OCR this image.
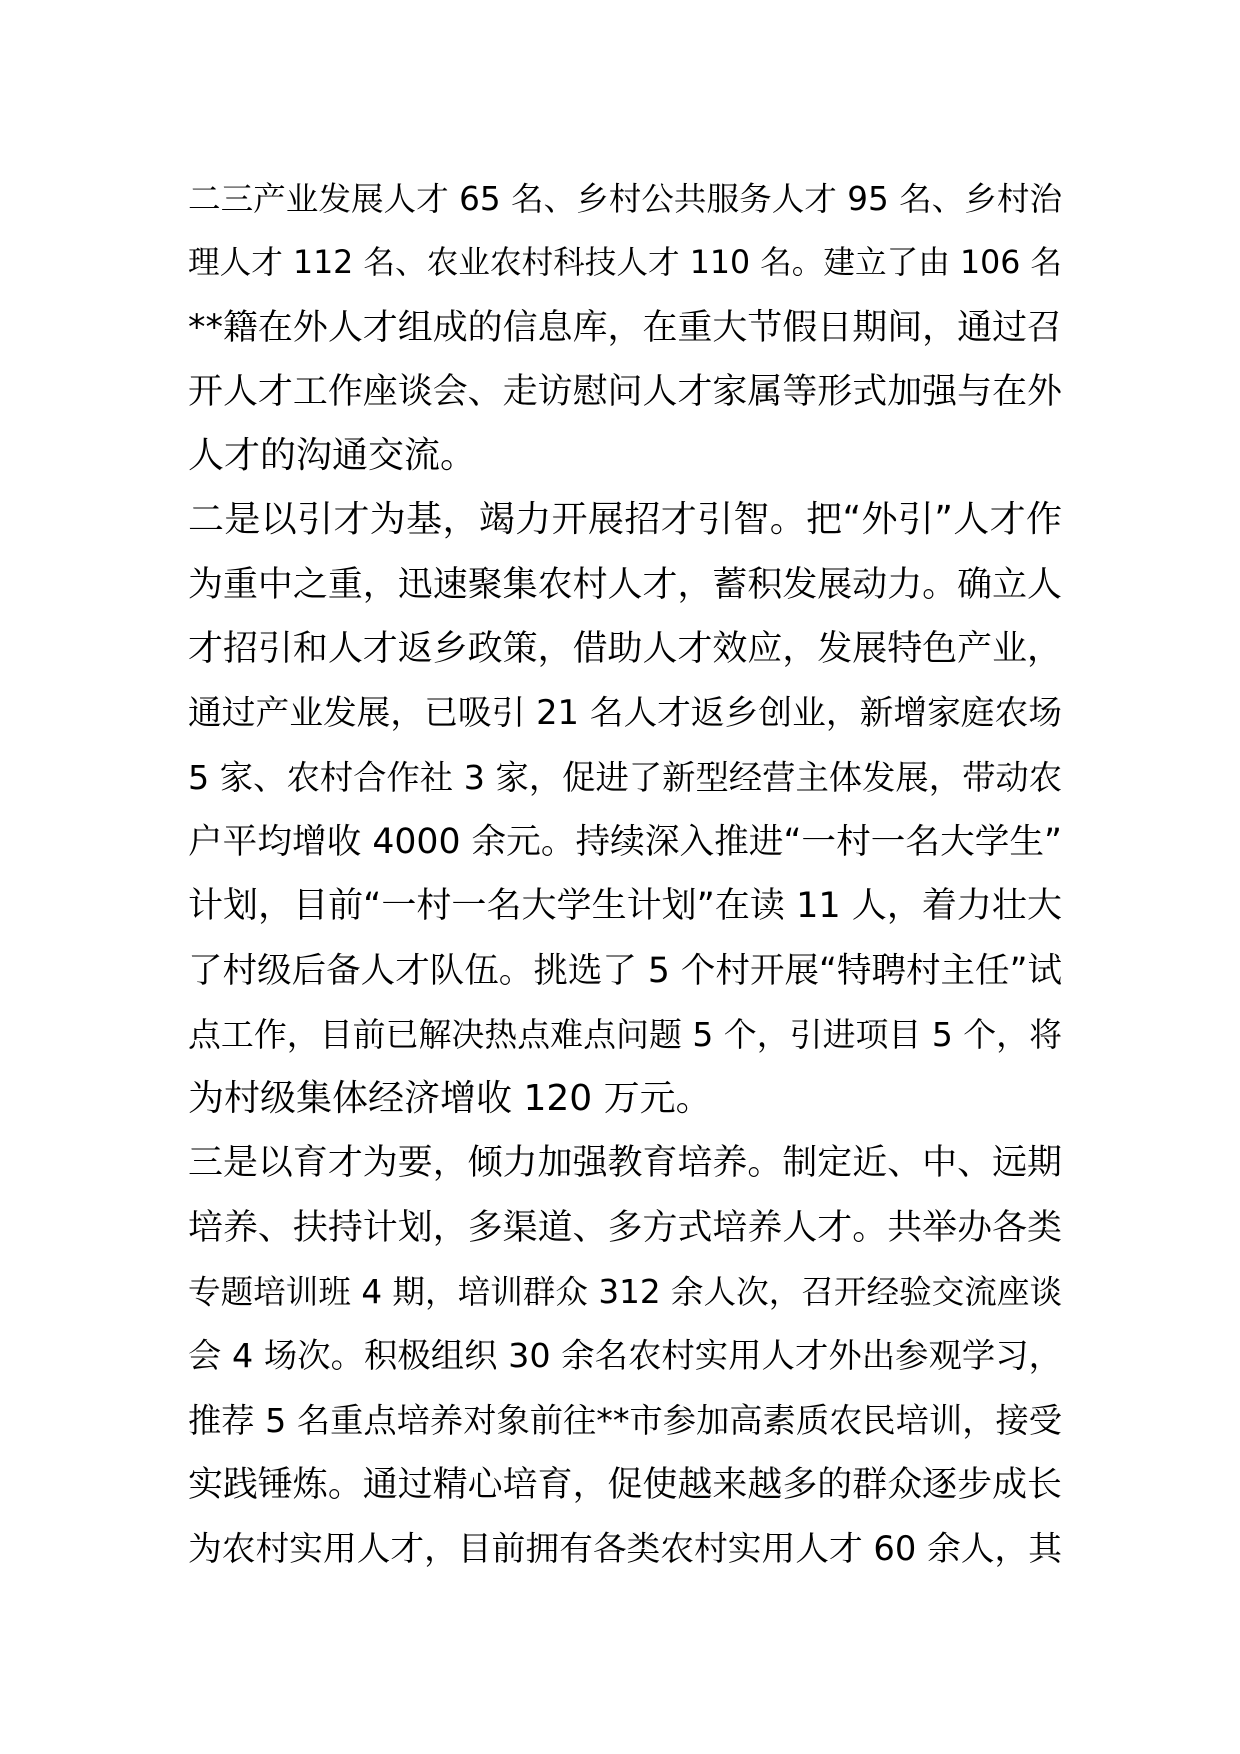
二三产业发展人才 65 名、乡村公共服务人才 95 名、乡村治
理人才 112 名、农业农村科技人才 110 名。建立了由 106 名
**籍在外人才组成的信息库，在重大节假日期间，通过召
开人才工作座谈会、走访慰问人才家属等形式加强与在外
人才的沟通交流。
二是以引才为基，竭力开展招才引智。把“外引”人才作
为重中之重，迅速聚集农村人才，蓄积发展动力。确立人
才招引和人才返乡政策，借助人才效应，发展特色产业，
通过产业发展，已吸引 21 名人才返乡创业，新增家庭农场
5 家、农村合作社 3 家，促进了新型经营主体发展，带动农
户平均增收 4000 余元。持续深入推进“一村一名大学生”
计划，目前“一村一名大学生计划”在读 11 人，着力壮大
了村级后备人才队伍。挑选了 5 个村开展“特聘村主任”试
点工作，目前已解决热点难点问题 5 个，引进项目 5 个，将
为村级集体经济增收 120 万元。
三是以育才为要，倾力加强教育培养。制定近、中、远期
培养、扶持计划，多渠道、多方式培养人才。共举办各类
专题培训班 4 期，培训群众 312 余人次，召开经验交流座谈
会 4 场次。积极组织 30 余名农村实用人才外出参观学习，
推荐 5 名重点培养对象前往**市参加高素质农民培训，接受
实践锤炼。通过精心培育，促使越来越多的群众逐步成长
为农村实用人才，目前拥有各类农村实用人才 60 余人，其
